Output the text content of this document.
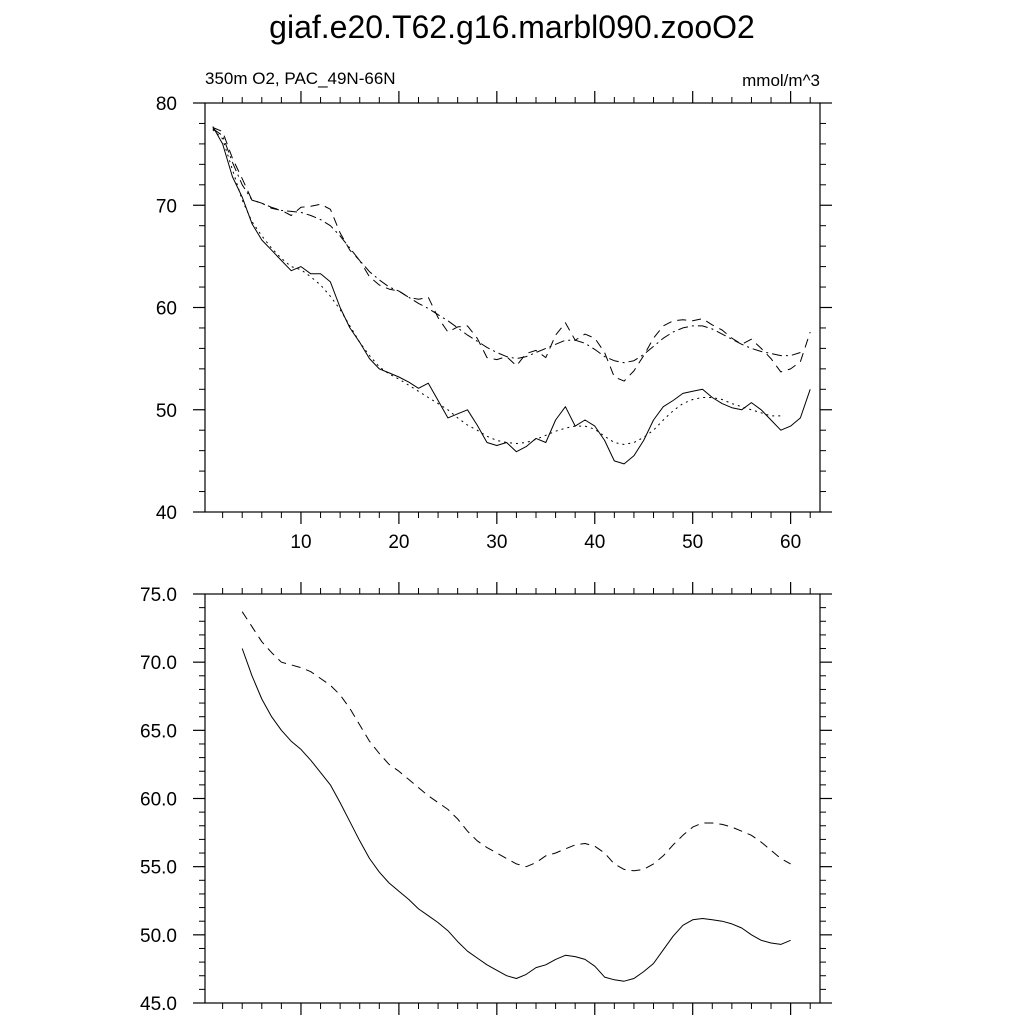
giaf.e20.T62.g16.marbl090.zooO2
350m O2, PAC_49N-66N	mmol/m^3
10	20	30	40	50	60
40
50
60
70
80
45.0
50.0
55.0
60.0
65.0
70.0
75.0
